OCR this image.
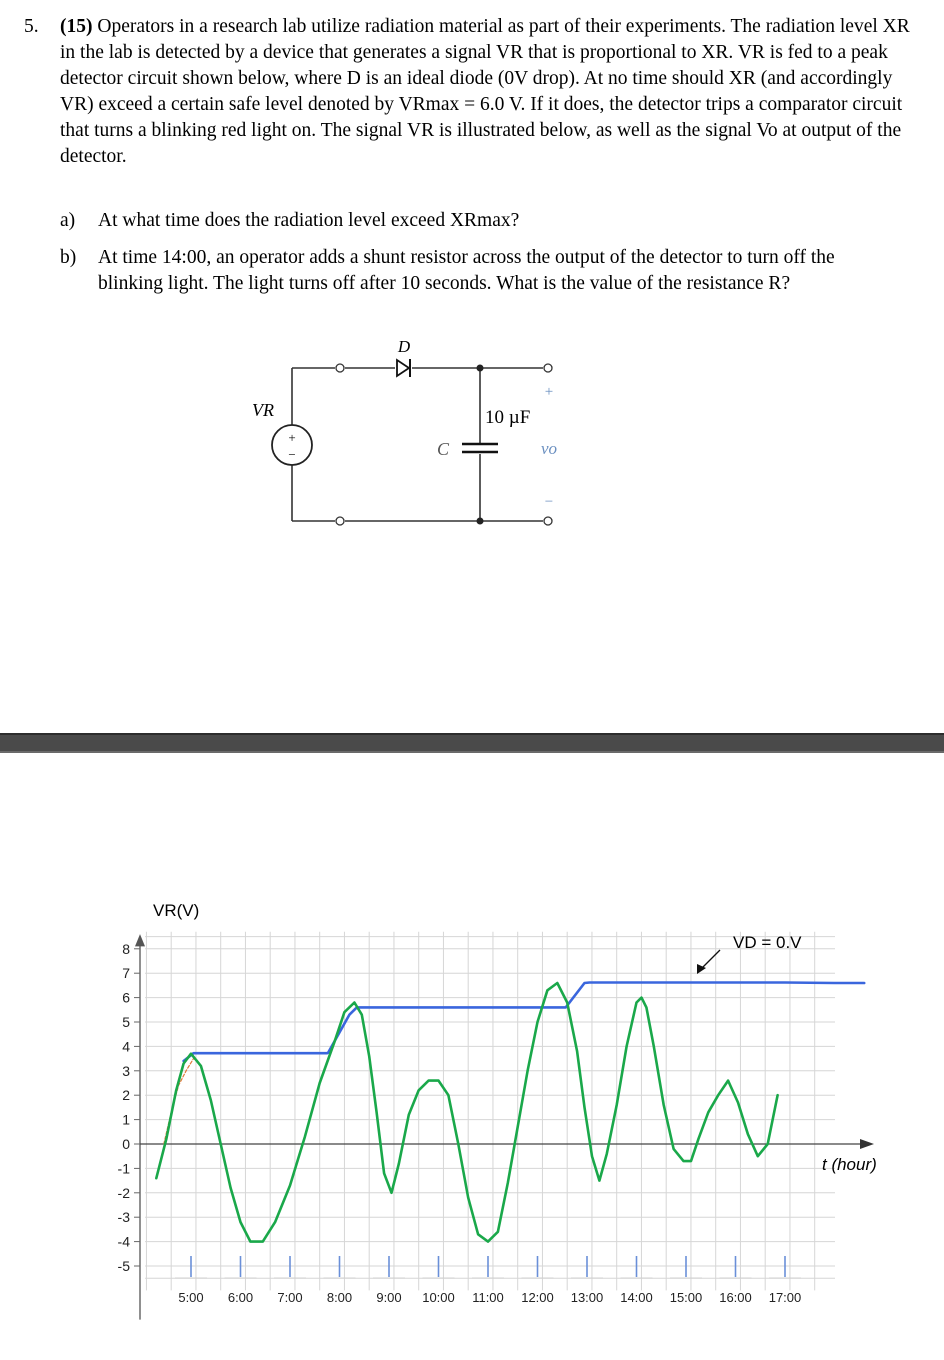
5. (15) Operators in a research lab utilize radiation material as part of their experiments. The radiation level XR in the lab is detected by a device that generates a signal VR that is proportional to XR. VR is fed to a peak detector circuit shown below, where D is an ideal diode (0V drop). At no time should XR (and accordingly VR) exceed a certain safe level denoted by VRmax = 6.0 V. If it does, the detector trips a comparator circuit that turns a blinking red light on. The signal VR is illustrated below, as well as the signal Vo at output of the detector.
a) At what time does the radiation level exceed XRmax?
b) At time 14:00, an operator adds a shunt resistor across the output of the detector to turn off the blinking light. The light turns off after 10 seconds. What is the value of the resistance R?
D
+
−
VR
C
10 µF
+
vo
−
8
7
6
5
4
3
2
1
0
-1
-2
-3
-4
-5
5:00 6:00 7:00 8:00 9:00 10:00 11:00 12:00 13:00 14:00 15:00 16:00 17:00
VR(V)
t (hour)
VD = 0.V
